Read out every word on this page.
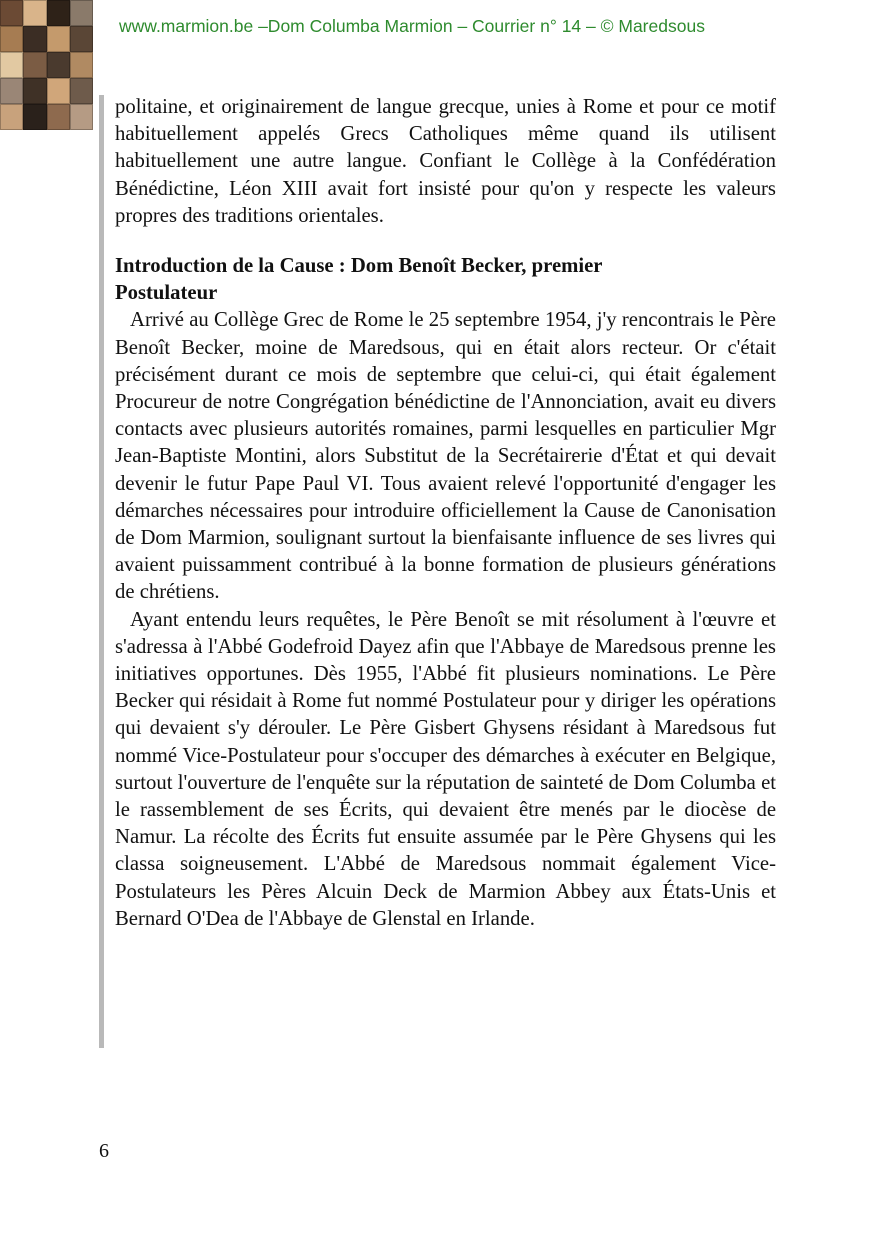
www.marmion.be –Dom Columba Marmion – Courrier n° 14 – © Maredsous

politaine, et originairement de langue grecque, unies à Rome et pour ce motif habituellement appelés Grecs Catholiques même quand ils utilisent habituellement une autre langue. Confiant le Collège à la Confédération Bénédictine, Léon XIII avait fort insisté pour qu'on y respecte les valeurs propres des traditions orientales.

Introduction de la Cause : Dom Benoît Becker, premier Postulateur

Arrivé au Collège Grec de Rome le 25 septembre 1954, j'y rencontrais le Père Benoît Becker, moine de Maredsous, qui en était alors recteur. Or c'était précisément durant ce mois de septembre que celui-ci, qui était également Procureur de notre Congrégation bénédictine de l'Annonciation, avait eu divers contacts avec plusieurs autorités romaines, parmi lesquelles en particulier Mgr Jean-Baptiste Montini, alors Substitut de la Secrétairerie d'État et qui devait devenir le futur Pape Paul VI. Tous avaient relevé l'opportunité d'engager les démarches nécessaires pour introduire officiellement la Cause de Canonisation de Dom Marmion, soulignant surtout la bienfaisante influence de ses livres qui avaient puissamment contribué à la bonne formation de plusieurs générations de chrétiens.

Ayant entendu leurs requêtes, le Père Benoît se mit résolument à l'œuvre et s'adressa à l'Abbé Godefroid Dayez afin que l'Abbaye de Maredsous prenne les initiatives opportunes. Dès 1955, l'Abbé fit plusieurs nominations. Le Père Becker qui résidait à Rome fut nommé Postulateur pour y diriger les opérations qui devaient s'y dérouler. Le Père Gisbert Ghysens résidant à Maredsous fut nommé Vice-Postulateur pour s'occuper des démarches à exécuter en Belgique, surtout l'ouverture de l'enquête sur la réputation de sainteté de Dom Columba et le rassemblement de ses Écrits, qui devaient être menés par le diocèse de Namur. La récolte des Écrits fut ensuite assumée par le Père Ghysens qui les classa soigneusement. L'Abbé de Maredsous nommait également Vice-Postulateurs les Pères Alcuin Deck de Marmion Abbey aux États-Unis et Bernard O'Dea de l'Abbaye de Glenstal en Irlande.

6
